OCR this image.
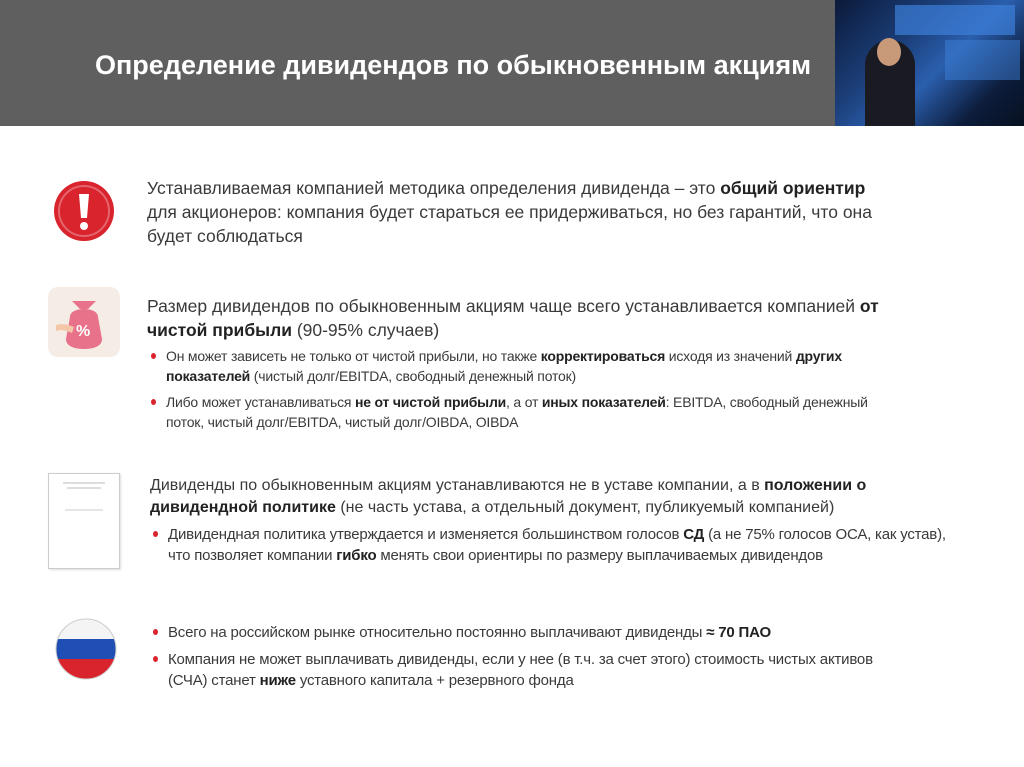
Определение дивидендов по обыкновенным акциям
Устанавливаемая компанией методика определения дивиденда – это общий ориентир для акционеров: компания будет стараться ее придерживаться, но без гарантий, что она будет соблюдаться
%
Размер дивидендов по обыкновенным акциям чаще всего устанавливается компанией от чистой прибыли (90-95% случаев)
Он может зависеть не только от чистой прибыли, но также корректироваться исходя из значений других показателей (чистый долг/EBITDA, свободный денежный поток)
Либо может устанавливаться не от чистой прибыли, а от иных показателей: EBITDA, свободный денежный поток, чистый долг/EBITDA, чистый долг/OIBDA, OIBDA
Дивиденды по обыкновенным акциям устанавливаются не в уставе компании, а в положении о дивидендной политике (не часть устава, а отдельный документ, публикуемый компанией)
Дивидендная политика утверждается и изменяется большинством голосов СД (а не 75% голосов ОСА, как устав), что позволяет компании гибко менять свои ориентиры по размеру выплачиваемых дивидендов
Всего на российском рынке относительно постоянно выплачивают дивиденды ≈ 70 ПАО
Компания не может выплачивать дивиденды, если у нее (в т.ч. за счет этого) стоимость чистых активов (СЧА) станет ниже уставного капитала + резервного фонда
